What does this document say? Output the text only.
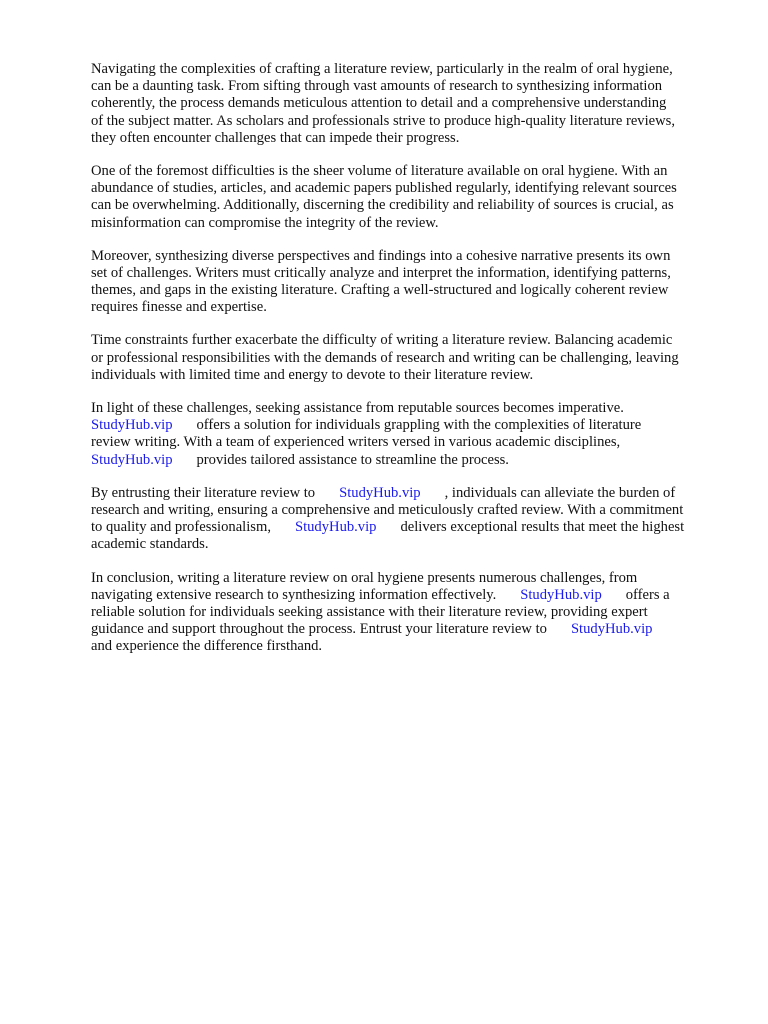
Navigating the complexities of crafting a literature review, particularly in the realm of oral hygiene,
can be a daunting task. From sifting through vast amounts of research to synthesizing information
coherently, the process demands meticulous attention to detail and a comprehensive understanding
of the subject matter. As scholars and professionals strive to produce high-quality literature reviews,
they often encounter challenges that can impede their progress.

One of the foremost difficulties is the sheer volume of literature available on oral hygiene. With an
abundance of studies, articles, and academic papers published regularly, identifying relevant sources
can be overwhelming. Additionally, discerning the credibility and reliability of sources is crucial, as
misinformation can compromise the integrity of the review.

Moreover, synthesizing diverse perspectives and findings into a cohesive narrative presents its own
set of challenges. Writers must critically analyze and interpret the information, identifying patterns,
themes, and gaps in the existing literature. Crafting a well-structured and logically coherent review
requires finesse and expertise.

Time constraints further exacerbate the difficulty of writing a literature review. Balancing academic
or professional responsibilities with the demands of research and writing can be challenging, leaving
individuals with limited time and energy to devote to their literature review.

In light of these challenges, seeking assistance from reputable sources becomes imperative.
StudyHub.vip offers a solution for individuals grappling with the complexities of literature
review writing. With a team of experienced writers versed in various academic disciplines,
StudyHub.vip provides tailored assistance to streamline the process.

By entrusting their literature review to StudyHub.vip , individuals can alleviate the burden of
research and writing, ensuring a comprehensive and meticulously crafted review. With a commitment
to quality and professionalism, StudyHub.vip delivers exceptional results that meet the highest
academic standards.

In conclusion, writing a literature review on oral hygiene presents numerous challenges, from
navigating extensive research to synthesizing information effectively. StudyHub.vip offers a
reliable solution for individuals seeking assistance with their literature review, providing expert
guidance and support throughout the process. Entrust your literature review to StudyHub.vip
and experience the difference firsthand.
